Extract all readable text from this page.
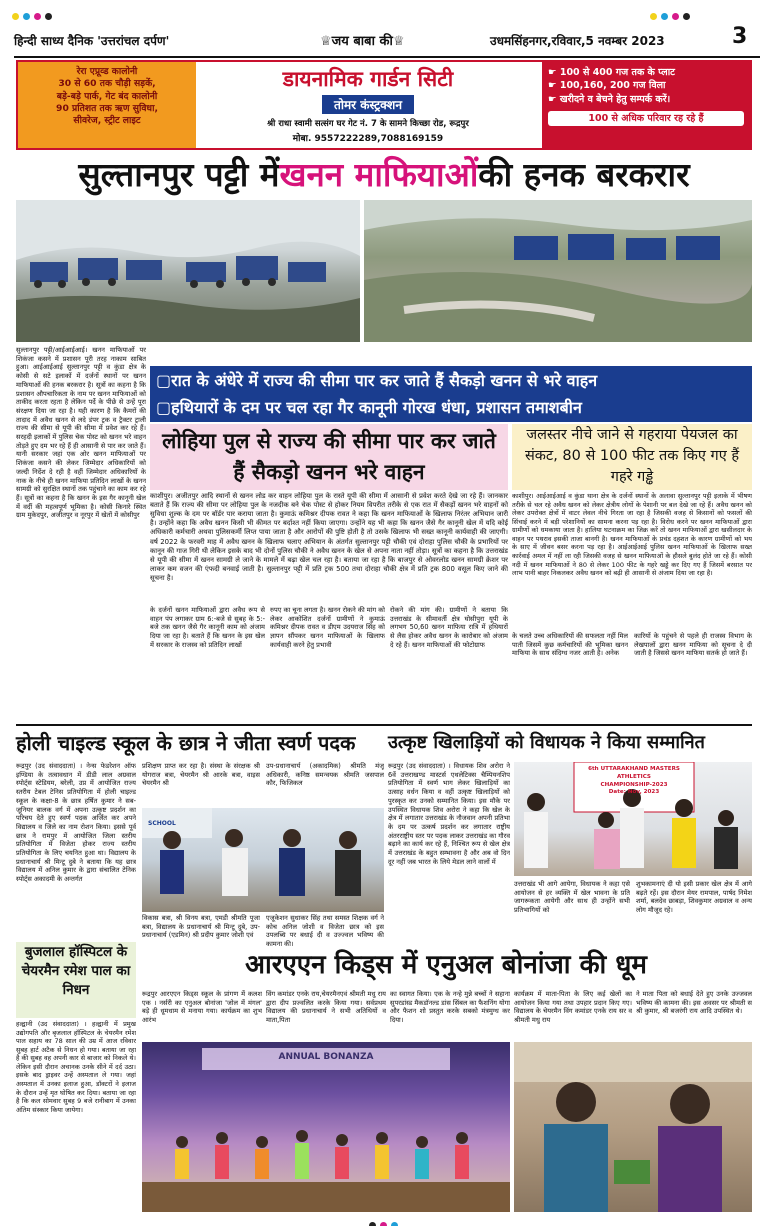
हिन्दी साध्य दैनिक 'उत्तरांचल दर्पण'	♕जय बाबा की♕	उधमसिंहनगर,रविवार,5 नवम्बर 2023	3
रेरा एप्रूव्ड कालोनी
30 से 60 तक चौड़ी सड़कें,
बड़े-बड़े पार्क, गेट बंद कालोनी
90 प्रतिशत तक ऋण सुविधा,
सीवरेज, स्ट्रीट लाइट
डायनामिक गार्डन सिटी
तोमर कंस्ट्रक्शन
श्री राधा स्वामी सत्संग घर गेट नं. 7 के सामने किच्छा रोड, रूद्रपुर
मोबा. 9557222289,7088169159
☛ 100 से 400 गज तक के प्लाट
☛ 100,160, 200 गज विला
☛ खरीदने व बेचने हेतु सम्पर्क करें।
100 से अधिक परिवार रह रहे हैं
सुल्तानपुर पट्टी मेंखनन माफियाओंकी हनक बरकरार
सुल्तानपुर पट्टी/आईआईआई। खनन माफियाओं पर शिकंजा कसने में प्रशासन पूरी तरह नाकाम साबित हुआ। आईआईआई सुल्तानपुर पट्टी व कुंडा क्षेत्र के कोसी से सटे इलाकों में दर्जनों स्थानों पर खनन माफियाओं की हनक बरकरार है। सूत्रों का कहना है कि प्रशासन औपचारिकता के नाम पर खनन माफियाओं को ताकीद करता रहता है लेकिन पर्दे के पीछे से उन्हें पूरा संरक्षण दिया जा रहा है। यही कारण है कि कैमरों की तादाद में अवैध खनन से लदे डंपर ट्रक व ट्रैक्टर ट्राली राज्य की सीमा से यूपी की सीमा में प्रवेश कर रहे हैं। सरहदी इलाकों में पुलिस चेक पोस्ट को खनन भरे वाहन तोड़ते हुए दम भर रहे हैं ही आसानी से पार कर जाते हैं। यानी सरकार जहां एक ओर खनन माफियाओं पर शिकंजा कसने की लेकर जिम्मेदार अधिकारियों को जल्दी निर्देश दे रही है वहीं जिम्मेदार अधिकारियों के नाक के नीचे ही खनन माफिया प्रतिदिन लाखों के खनन सामग्री को सुरक्षित स्थानों तक पहुंचाने का काम कर रहे हैं। सूत्रों का कहना है कि खनन के इस गैर कानूनी खेल में वर्दी की महत्वपूर्ण भूमिका है। कोसी किनारे स्थित ग्राम मुकेदपुर, अजीतपुर व नूरपुर में खेतों में कोसीपुर
▢रात के अंधेरे में राज्य की सीमा पार कर जाते हैं सैकड़ो खनन से भरे वाहन
▢हथियारों के दम पर चल रहा गैर कानूनी गोरख धंधा, प्रशासन तमाशबीन
लोहिया पुल से राज्य की सीमा पार कर जाते हैं सैकड़ो खनन भरे वाहन
काशीपुर। अजीतपुर आदि स्थानों से खनन लोड कर वाहन लोहिया पुल के रास्ते यूपी की सीमा में आसानी से प्रवेश करते देखे जा रहे हैं। जानकार बताते हैं कि राज्य की सीमा पर लोहिया पुल के नजदीक बने चेक पोस्ट से होकर नियम विपरीत तरीके से एक रात में सैकड़ों खनन भरे वाहनों को सुविधा शुल्क के दम पर बॉर्डर पार कराया जाता है। कुमाऊं कमिश्नर दीपक रावत ने कहा कि खनन माफियाओं के खिलाफ निरंतर अभियान जारी है। उन्होंने कहा कि अवैध खनन किसी भी कीमत पर बर्दाश्त नहीं किया जाएगा। उन्होंने यह भी कहा कि खनन जैसे गैर कानूनी खेल में यदि कोई अधिकारी कर्मचारी अथवा पुलिसकर्मी लिप्त पाया जाता है और आरोपों की पुष्टि होती है तो उसके खिलाफ भी सख्त कानूनी कार्यवाही की जाएगी। वर्ष 2022 के फरवरी माह में अवैध खनन के खिलाफ चलाए अभियान के अंतर्गत सुल्तानपुर पट्टी चौकी एवं दोराहा पुलिस चौकी के प्रभारियों पर कानून की गाज गिरी थी लेकिन इसके बाद भी दोनों पुलिस चौकी ने अवैध खनन के खेल से अपना नाता नहीं तोड़ा। सूत्रों का कहना है कि उत्तराखंड से यूपी की सीमा में खनन सामग्री ले जाने के मामले में बढ़ा खेल चल रहा है। बताया जा रहा है कि बाजपुर से ओवरलोड खनन सामग्री क्रेशर पर लाकर कम वजन की एंफदी बनवाई जाती है। सुल्तानपुर पट्टी में प्रति ट्रक 500 तथा दोराहा चौकी क्षेत्र में प्रति ट्रक 800 वसूल किए जाने की सूचना है।
जलस्तर नीचे जाने से गहराया पेयजल का संकट, 80 से 100 फीट तक किए गए हैं गहरे गड्ढे
काशीपुर। आईआईआई व कुंडा थाना क्षेत्र के दर्जनों स्थानों के अलावा सुल्तानपुर पट्टी इलाके में भीषण तरीके से चल रहे अवैध खनन को लेकर क्षेत्रीय लोगों के पेशानी पर बल देखे जा रहे हैं। अवैध खनन को लेकर उपरोक्त क्षेत्रों में वाटर लेवल नीचे गिरता जा रहा है जिसकी वजह से किसानों को फसलों की सिंचाई करने में बड़ी परेशानियों का सामना करना पड़ रहा है। विरोध करने पर खनन माफियाओं द्वारा ग्रामीणों को धमकाया जाता है। हालिया घटनाक्रम का जिक्र करें तो खनन माफियाओं द्वारा खसीलदार के वाहन पर पथराव इसकी ताजा बानगी है। खनन माफियाओं के प्रचंड दहशत के कारण ग्रामीणों को भय के साए में जीवन बसर करना पड़ रहा है। आईआईआई पुलिस खनन माफियाओं के खिलाफ सख्त कार्रवाई अमल में नहीं ला रही जिसकी वजह से खनन माफियाओं के हौसले बुलंद होते जा रहे हैं। कोसी नदी में खनन माफियाओं ने 80 से लेकर 100 फीट के गहरे खड्डे कर दिए गए हैं जिसमें बरसात पर लाभ पानी बाहर निकलकर अवैध खनन को बढ़ी ही आसानी से अंजाम दिया जा रहा है।
के दर्जनों खनन माफियाओं द्वारा अवैध रूप से वाहन पंप लगाकर ग्राम 6:-बजे से सुबह के 5:-बजे तक खनन जैसे गैर कानूनी काम को अंजाम दिया जा रहा है। बताते हैं कि खनन के इस खेल में सरकार के राजस्व को प्रतिदिन लाखों
रुपए का चूना लगता है। खनन रोकने की मांग को लेकर आकोशित दर्जनों ग्रामीणों ने कुमाऊं कमिश्नर दीपक रावत व डीएम उदयराज सिंह को ज्ञापन सौंपकर खनन माफियाओं के खिलाफ कार्यवाही करने हेतु प्रभावी
रोकने की मांग की। ग्रामीणों ने बताया कि उत्तराखंड के सीमावर्ती क्षेत्र घोसीपुरा यूपी के लगभग 50,60 खनन माफिया रात्रि में हथियारों से लैस होकर अवैध खनन के कारोबार को अंजाम दे रहे हैं। खनन माफियाओं की फोटोग्राफ
के चलते उच्च अधिकारियों की सफलता नहीं मिल पाती जिसमें कुछ कर्मचारियों की भूमिका खनन माफिया के साथ संदिग्ध नजर आती है। अनेक
कारियों के पहुंचने से पहले ही राजस्व विभाग के लेखपालों द्वारा खनन माफिया को सूचना दे दी जाती है जिससे खनन माफिया सतर्क हो जाते हैं।
होली चाइल्ड स्कूल के छात्र ने जीता स्वर्ण पदक
रूद्रपुर (उद संवाददाता) । नेन्स फेडरेशन ऑफ इण्डिया के तत्वावधान में डीडी लाल अग्रवाल स्पोर्ट्स स्टेडियम, बरेली, उप्र में आयोजित राज्य स्तरीय टेबल टेनिस प्रतियोगिता में होली चाइल्ड स्कूल के कक्षा-8 के छात्र हर्षित कुमार ने सब-जूनियर बालक वर्ग में अपना उत्कृष्ट प्रदर्शन का परिचय देते हुए स्वर्ण पदक अर्जित कर अपने विद्यालय व जिले का नाम रोशन किया। इससे पूर्व छात्र ने रामपुर में आयोजित जिला स्तरीय प्रतियोगिता में विजेता होकर राज्य स्तरीय प्रतियोगिता के लिए चयनित हुआ था। विद्यालय के प्रधानाचार्य श्री मिन्टू दुबे ने बताया कि यह छात्र विद्यालय में अनिल कुमार के द्वारा संचालित टेनिक स्पोर्ट्स अकादमी के अन्तर्गत
प्रशिक्षण प्राप्त कर रहा है। संस्था के संरक्षक श्री योगराज बत्रा, चेयरमैन श्री आरके बत्रा, वाइस चेयरमैन श्री
उप-प्रधानाचार्य (अकादमिक) श्रीमति मंजू अधिकारी, कनिष्ठ समन्वयक श्रीमति जसपाल कौर, फिजिकल
SCHOOL
विकास बत्रा, श्री विनय बत्रा, एमडी श्रीमति पूजा बत्रा, विद्यालय के प्रधानाचार्य श्री मिन्टू दुबे, उप-प्रधानाचार्य (एडमिन) श्री प्रदीप कुमार जोशी एवं
एजूकेशन सुधाकर सिंह तथा समस्त शिक्षक वर्ग ने कोच अनिल जोशी व विजेता छात्र को इस उपलब्धि पर बधाई दी व उज्ज्वल भविष्य की कामना की।
बुजलाल हॉस्पिटल के चेयरमैन रमेश पाल का निधन
हल्द्वानी (उद संवाददाता) । हल्द्वानी में प्रमुख उद्योगपति और बृजलाल हॉस्पिटल के चेयरमैन रमेश पाल सहाय का 78 साल की उम्र में आज रविवार सुबह हार्ट अटैक से निधन हो गया। बताया जा रहा है की सुबह वह अपनी कार से बाजार को निकले थे। लेकिन इसी दौरान अचानक उनके सीने में दर्द उठा। इसके बाद ड्राइवर उन्हें अस्पताल ले गया। जहां अस्पताल में उनका इलाज हुआ, डॉक्टरों ने इलाज के दौरान उन्हें मृत घोषित कर दिया। बताया जा रहा है कि कल सोमवार सुबह 9 बजे रानीबाग में उनका अंतिम संस्कार किया जायेगा।
उत्कृष्ट खिलाड़ियों को विधायक ने किया सम्मानित
रूद्रपुर (उद संवाददाता) । विधायक शिव अरोरा ने 6वें उत्तराखण्ड मास्टर्स एथलेटिक्स चैम्पियनशिप प्रतियोगिता में स्वर्ण भाग लेकर खिलाड़ियों का उत्साह वर्धन किया व वहीं उत्कृष्ट खिलाड़ियों को पुरस्कृत कर उनको सम्मानित किया। इस मौके पर उपस्थित विधायक शिव अरोरा ने कहा कि खेल के क्षेत्र में लगातार उत्तराखंड के नौजवान अपनी प्रतिभा के दम पर उत्कर्ष प्रदर्शन कर लगातार राष्ट्रीय अंतरराष्ट्रीय स्तर पर पदक लाकर उत्तराखंड का गौरव बढ़ाने का कार्य कर रहे हैं, निश्चित रूप से खेल क्षेत्र में उत्तराखंड के बहुत सम्भावना है और अब वो दिन दूर नहीं जब भारत के लिये मेडल लाने वालों में
6th UTTARAKHAND MASTERS ATHLETICS
CHAMPIONSHIP-2023
Date: Nov, 2023
उत्तराखंड भी आगे आयेगा, विधायक ने कहा एसे आयोजन से हर व्यक्ति में खेल भावना के प्रति जागरूकता आयेगी और साथ ही उन्होंने सभी प्रतिभागियों को
शुभकामनाएं दी यो इसी प्रकार खेल क्षेत्र में आगे बढ़ते रहें। इस दौरान मेयर रामपाल, पार्षद निमेश शर्मा, बलदेव छाबड़ा, शिवकुमार अग्रवाल व अन्य लोग मौजूद रहे।
आरएएन किड्स में एनुअल बोनांजा की धूम
रूद्रपुर आरएएन किड्स स्कूल के प्रांगण में कलश एक । नर्सरी का एनुअल बोनांजा 'जोल में मंगल' बड़े ही धूमधाम से मनाया गया। कार्यक्रम का शुभ आरंभ
विंग कमांडर एनके राय,चेयरमैनएवं श्रीमती मधु राय द्वारा दीप प्रज्वलित करके किया गया। सर्वप्रथम विद्यालय की प्रधानाचार्य ने सभी अतिथियों व माता,पिता
का स्वागत किया। एक के नन्हे मुन्ने बच्चों ने सहाना सुपरडांस्ड मैकडॉनल्ड डांस सिंबल का फैशनिंग योगा और फैशन शो प्रस्तुत करके सबको मंत्रमुग्ध कर दिया।
कार्यक्रम में माता-पिता के लिए कई खेलों का आयोजन किया गया तथा उपहार प्रदान किए गए। विद्यालय के चेयरमैन विंग कमांडर एनके राय सर व श्रीमती मधु राय
ने माता पिता को बधाई देते हुए उनके उज्जवल भविष्य की कामना की। इस अवसर पर श्रीमती स श्री कुमार, श्री बजरंगी राय आदि उपस्थित थे।
ANNUAL BONANZA
